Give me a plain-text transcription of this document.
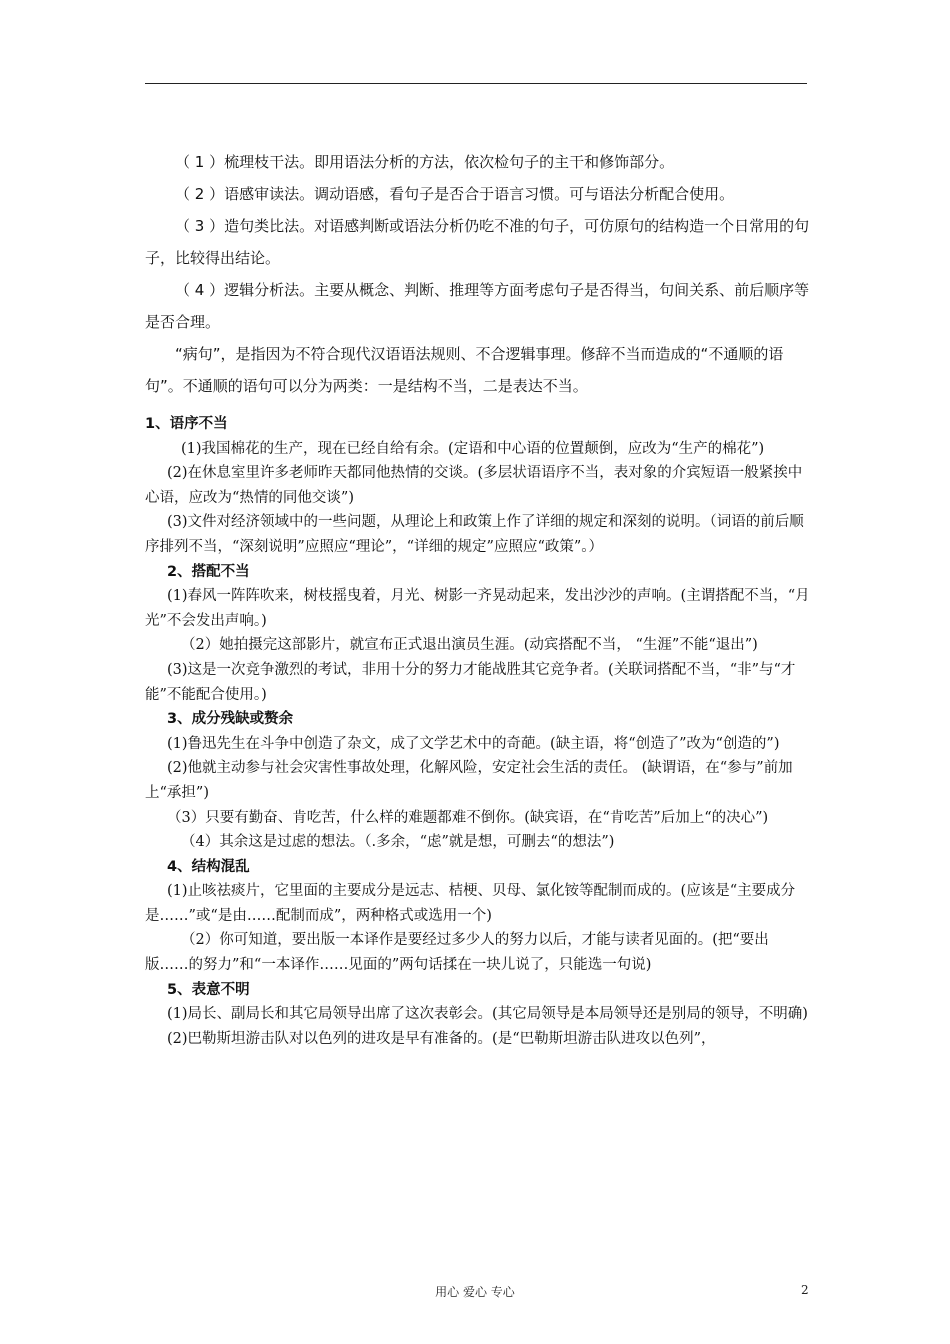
（ 1 ）梳理枝干法。即用语法分析的方法，依次检句子的主干和修饰部分。

（ 2 ）语感审读法。调动语感，看句子是否合于语言习惯。可与语法分析配合使用。

（ 3 ）造句类比法。对语感判断或语法分析仍吃不准的句子，可仿原句的结构造一个日常用的句子，比较得出结论。

（ 4 ）逻辑分析法。主要从概念、判断、推理等方面考虑句子是否得当，句间关系、前后顺序等是否合理。

“病句”，是指因为不符合现代汉语语法规则、不合逻辑事理。修辞不当而造成的“不通顺的语句”。不通顺的语句可以分为两类：一是结构不当，二是表达不当。

1、语序不当

(1)我国棉花的生产，现在已经自给有余。(定语和中心语的位置颠倒，应改为“生产的棉花”)

(2)在休息室里许多老师昨天都同他热情的交谈。(多层状语语序不当，表对象的介宾短语一般紧挨中心语，应改为“热情的同他交谈”)

(3)文件对经济领域中的一些问题，从理论上和政策上作了详细的规定和深刻的说明。（词语的前后顺序排列不当，“深刻说明”应照应“理论”，“详细的规定”应照应“政策”。）

2、搭配不当

(1)春风一阵阵吹来，树枝摇曳着，月光、树影一齐晃动起来，发出沙沙的声响。(主谓搭配不当，“月光”不会发出声响。)

（2）她拍摄完这部影片，就宣布正式退出演员生涯。(动宾搭配不当， “生涯”不能“退出”)

(3)这是一次竞争激烈的考试，非用十分的努力才能战胜其它竞争者。(关联词搭配不当，“非”与“才能”不能配合使用。)

3、成分残缺或赘余

(1)鲁迅先生在斗争中创造了杂文，成了文学艺术中的奇葩。(缺主语，将“创造了”改为“创造的”)

(2)他就主动参与社会灾害性事故处理，化解风险，安定社会生活的责任。 (缺谓语，在“参与”前加上“承担”)

（3）只要有勤奋、肯吃苦，什么样的难题都难不倒你。(缺宾语，在“肯吃苦”后加上“的决心”)

（4）其余这是过虑的想法。（.多余，“虑”就是想，可删去“的想法”)

4、结构混乱

(1)止咳祛痰片，它里面的主要成分是远志、桔梗、贝母、氯化铵等配制而成的。(应该是“主要成分是……”或“是由……配制而成”，两种格式或选用一个)

（2）你可知道，要出版一本译作是要经过多少人的努力以后，才能与读者见面的。(把“要出版……的努力”和“一本译作……见面的”两句话揉在一块儿说了，只能选一句说)

5、表意不明

(1)局长、副局长和其它局领导出席了这次表彰会。(其它局领导是本局领导还是别局的领导，不明确)

(2)巴勒斯坦游击队对以色列的进攻是早有准备的。(是“巴勒斯坦游击队进攻以色列”，

用心 爱心 专心	2
